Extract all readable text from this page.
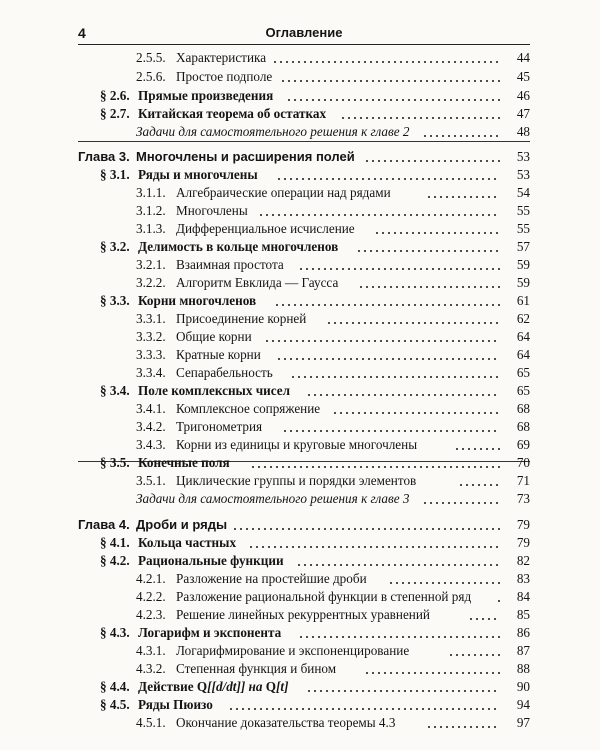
4	Оглавление
2.5.5. Характеристика	44
2.5.6. Простое подполе	45
§ 2.6. Прямые произведения	46
§ 2.7. Китайская теорема об остатках	47
Задачи для самостоятельного решения к главе 2	48
Глава 3. Многочлены и расширения полей	53
§ 3.1. Ряды и многочлены	53
3.1.1. Алгебраические операции над рядами	54
3.1.2. Многочлены	55
3.1.3. Дифференциальное исчисление	55
§ 3.2. Делимость в кольце многочленов	57
3.2.1. Взаимная простота	59
3.2.2. Алгоритм Евклида — Гаусса	59
§ 3.3. Корни многочленов	61
3.3.1. Присоединение корней	62
3.3.2. Общие корни	64
3.3.3. Кратные корни	64
3.3.4. Сепарабельность	65
§ 3.4. Поле комплексных чисел	65
3.4.1. Комплексное сопряжение	68
3.4.2. Тригонометрия	68
3.4.3. Корни из единицы и круговые многочлены	69
§ 3.5. Конечные поля	70
3.5.1. Циклические группы и порядки элементов	71
Задачи для самостоятельного решения к главе 3	73
Глава 4. Дроби и ряды	79
§ 4.1. Кольца частных	79
§ 4.2. Рациональные функции	82
4.2.1. Разложение на простейшие дроби	83
4.2.2. Разложение рациональной функции в степенной ряд	84
4.2.3. Решение линейных рекуррентных уравнений	85
§ 4.3. Логарифм и экспонента	86
4.3.1. Логарифмирование и экспоненцирование	87
4.3.2. Степенная функция и бином	88
§ 4.4. Действие Q[[d/dt]] на Q[t]	90
§ 4.5. Ряды Пюизо	94
4.5.1. Окончание доказательства теоремы 4.3	97
